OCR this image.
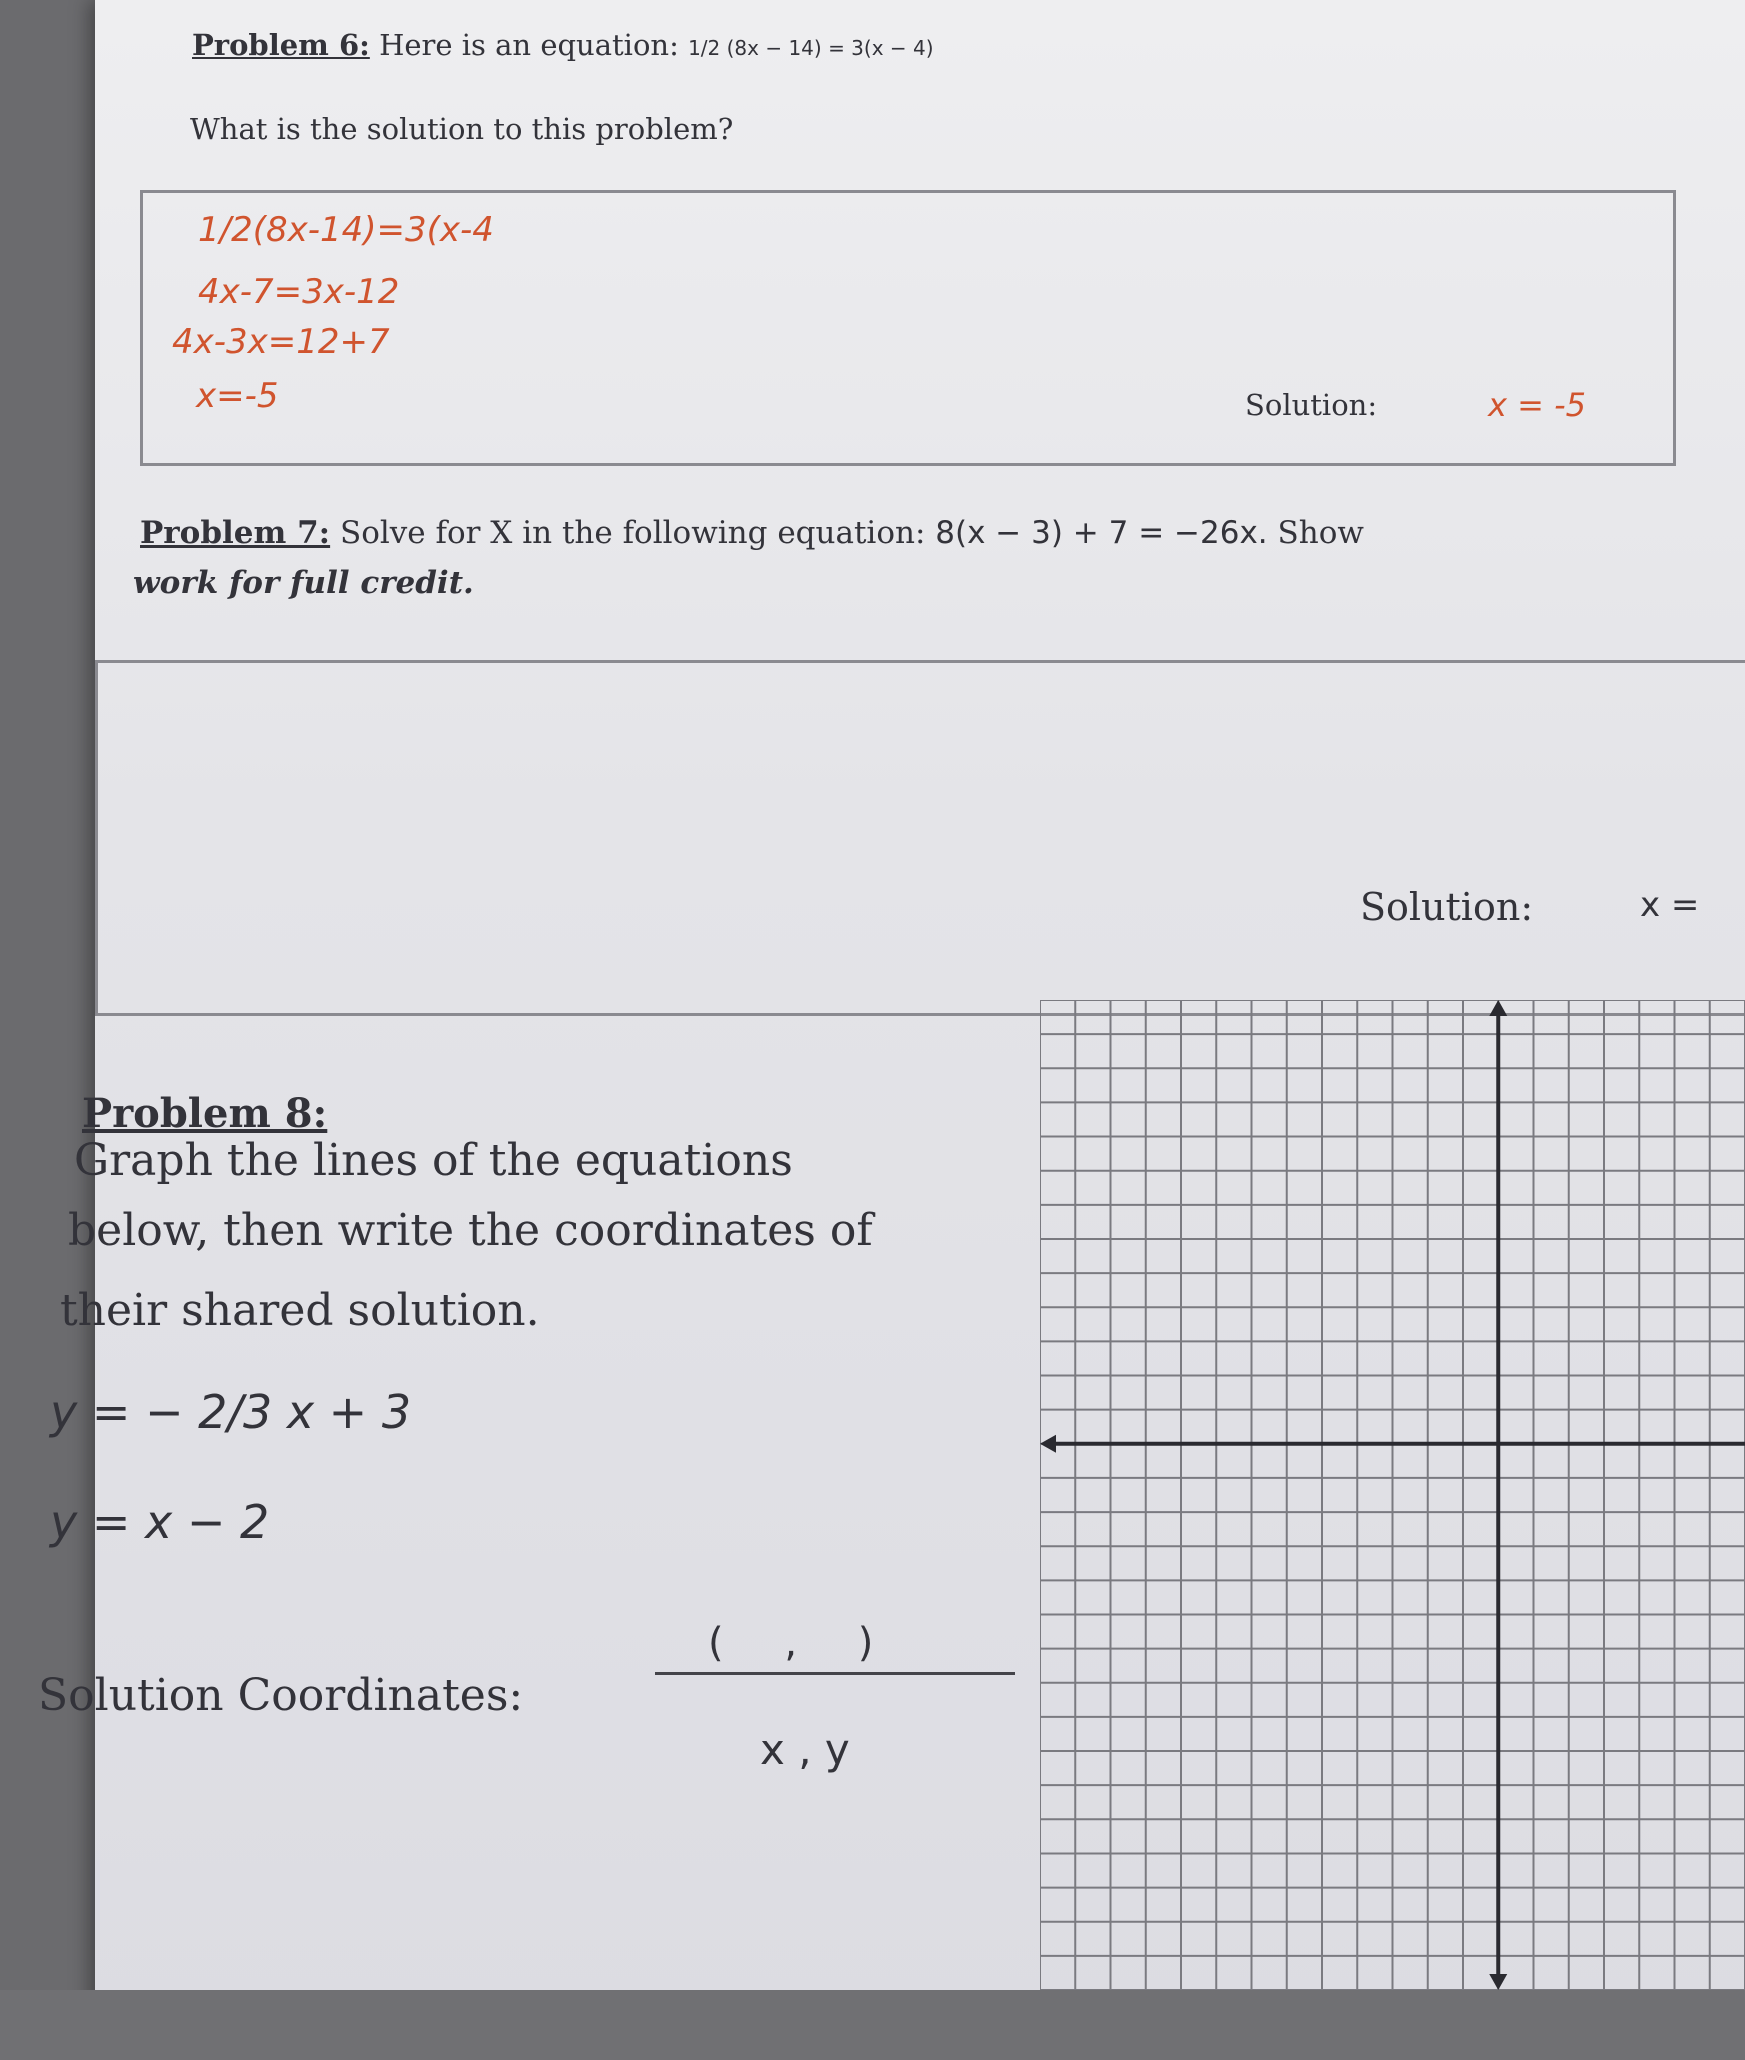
Problem 6: Here is an equation: 1/2 (8x − 14) = 3(x − 4)
What is the solution to this problem?
1/2(8x-14)=3(x-4
4x-7=3x-12
4x-3x=12+7
x=-5	Solution:	x = -5
Problem 7: Solve for X in the following equation: 8(x − 3) + 7 = −26x. Show
work for full credit.
Solution:	x =
Problem 8:
Graph the lines of the equations
below, then write the coordinates of
their shared solution.
y = − 2/3 x + 3
y = x − 2
Solution Coordinates:
( , )
x , y
